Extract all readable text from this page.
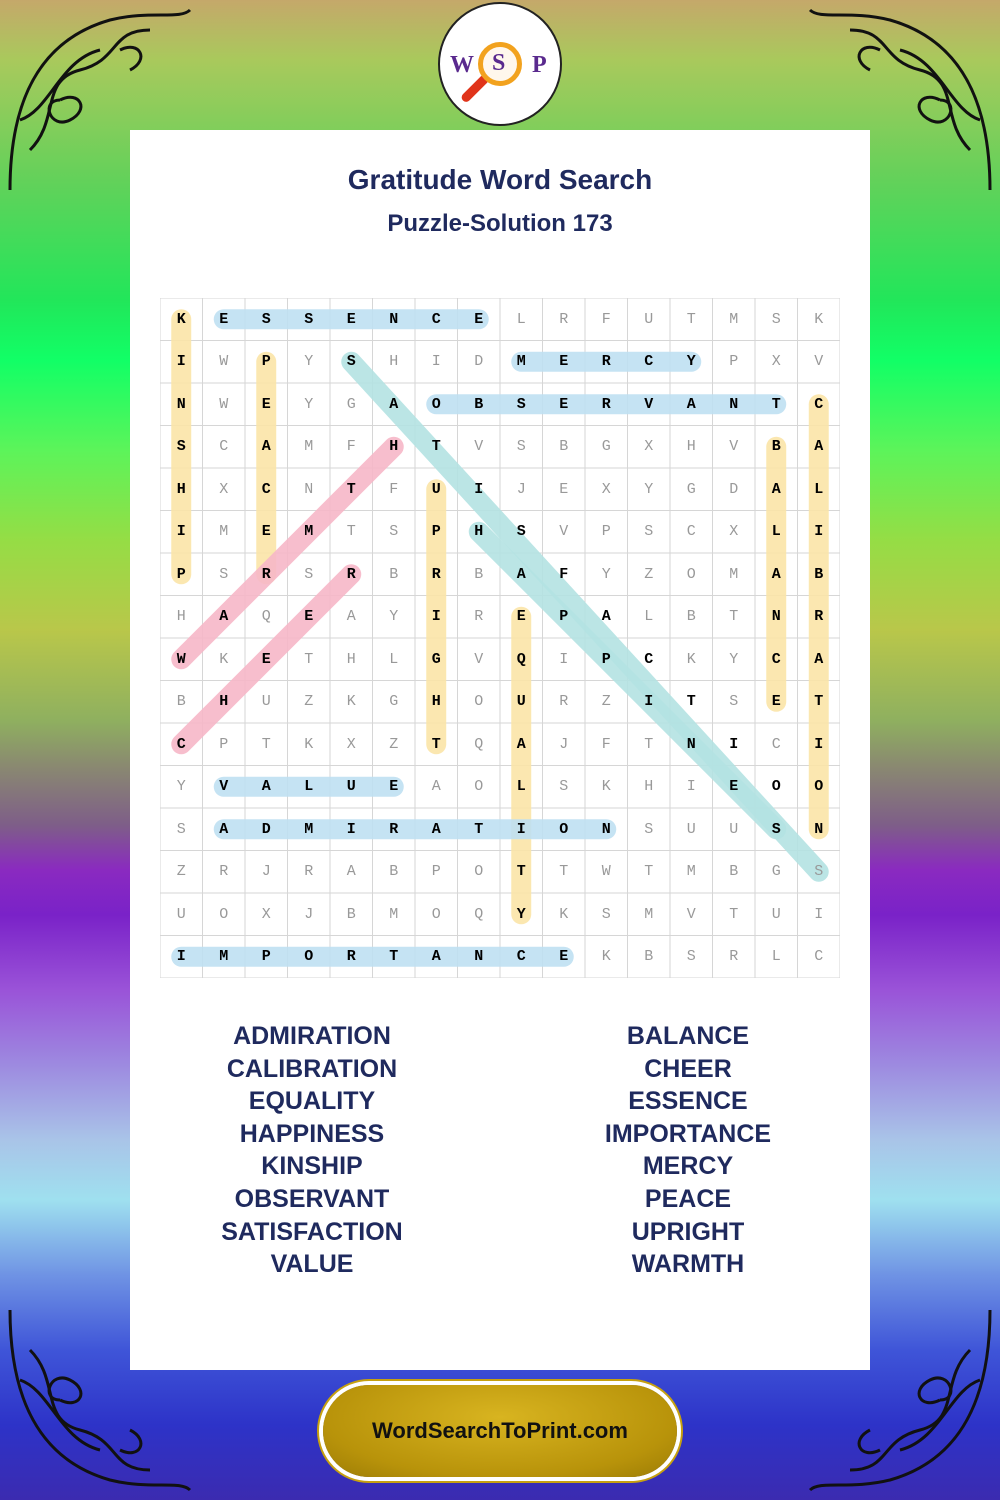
W S P
Gratitude Word Search
Puzzle-Solution 173
K	E	S	S	E	N	C	E	L	R	F	U	T	M	S	K
I	W	P	Y	S	H	I	D	M	E	R	C	Y	P	X	V
N	W	E	Y	G	A	O	B	S	E	R	V	A	N	T	C
S	C	A	M	F	H	T	V	S	B	G	X	H	V	B	A
H	X	C	N	T	F	U	I	J	E	X	Y	G	D	A	L
I	M	E	M	T	S	P	H	S	V	P	S	C	X	L	I
P	S	R	S	R	B	R	B	A	F	Y	Z	O	M	A	B
H	A	Q	E	A	Y	I	R	E	P	A	L	B	T	N	R
W	K	E	T	H	L	G	V	Q	I	P	C	K	Y	C	A
B	H	U	Z	K	G	H	O	U	R	Z	I	T	S	E	T
C	P	T	K	X	Z	T	Q	A	J	F	T	N	I	C	I
Y	V	A	L	U	E	A	O	L	S	K	H	I	E	O	O
S	A	D	M	I	R	A	T	I	O	N	S	U	U	S	N
Z	R	J	R	A	B	P	O	T	T	W	T	M	B	G	S
U	O	X	J	B	M	O	Q	Y	K	S	M	V	T	U	I
I	M	P	O	R	T	A	N	C	E	K	B	S	R	L	C
ADMIRATION
CALIBRATION
EQUALITY
HAPPINESS
KINSHIP
OBSERVANT
SATISFACTION
VALUE
BALANCE
CHEER
ESSENCE
IMPORTANCE
MERCY
PEACE
UPRIGHT
WARMTH
WordSearchToPrint.com
